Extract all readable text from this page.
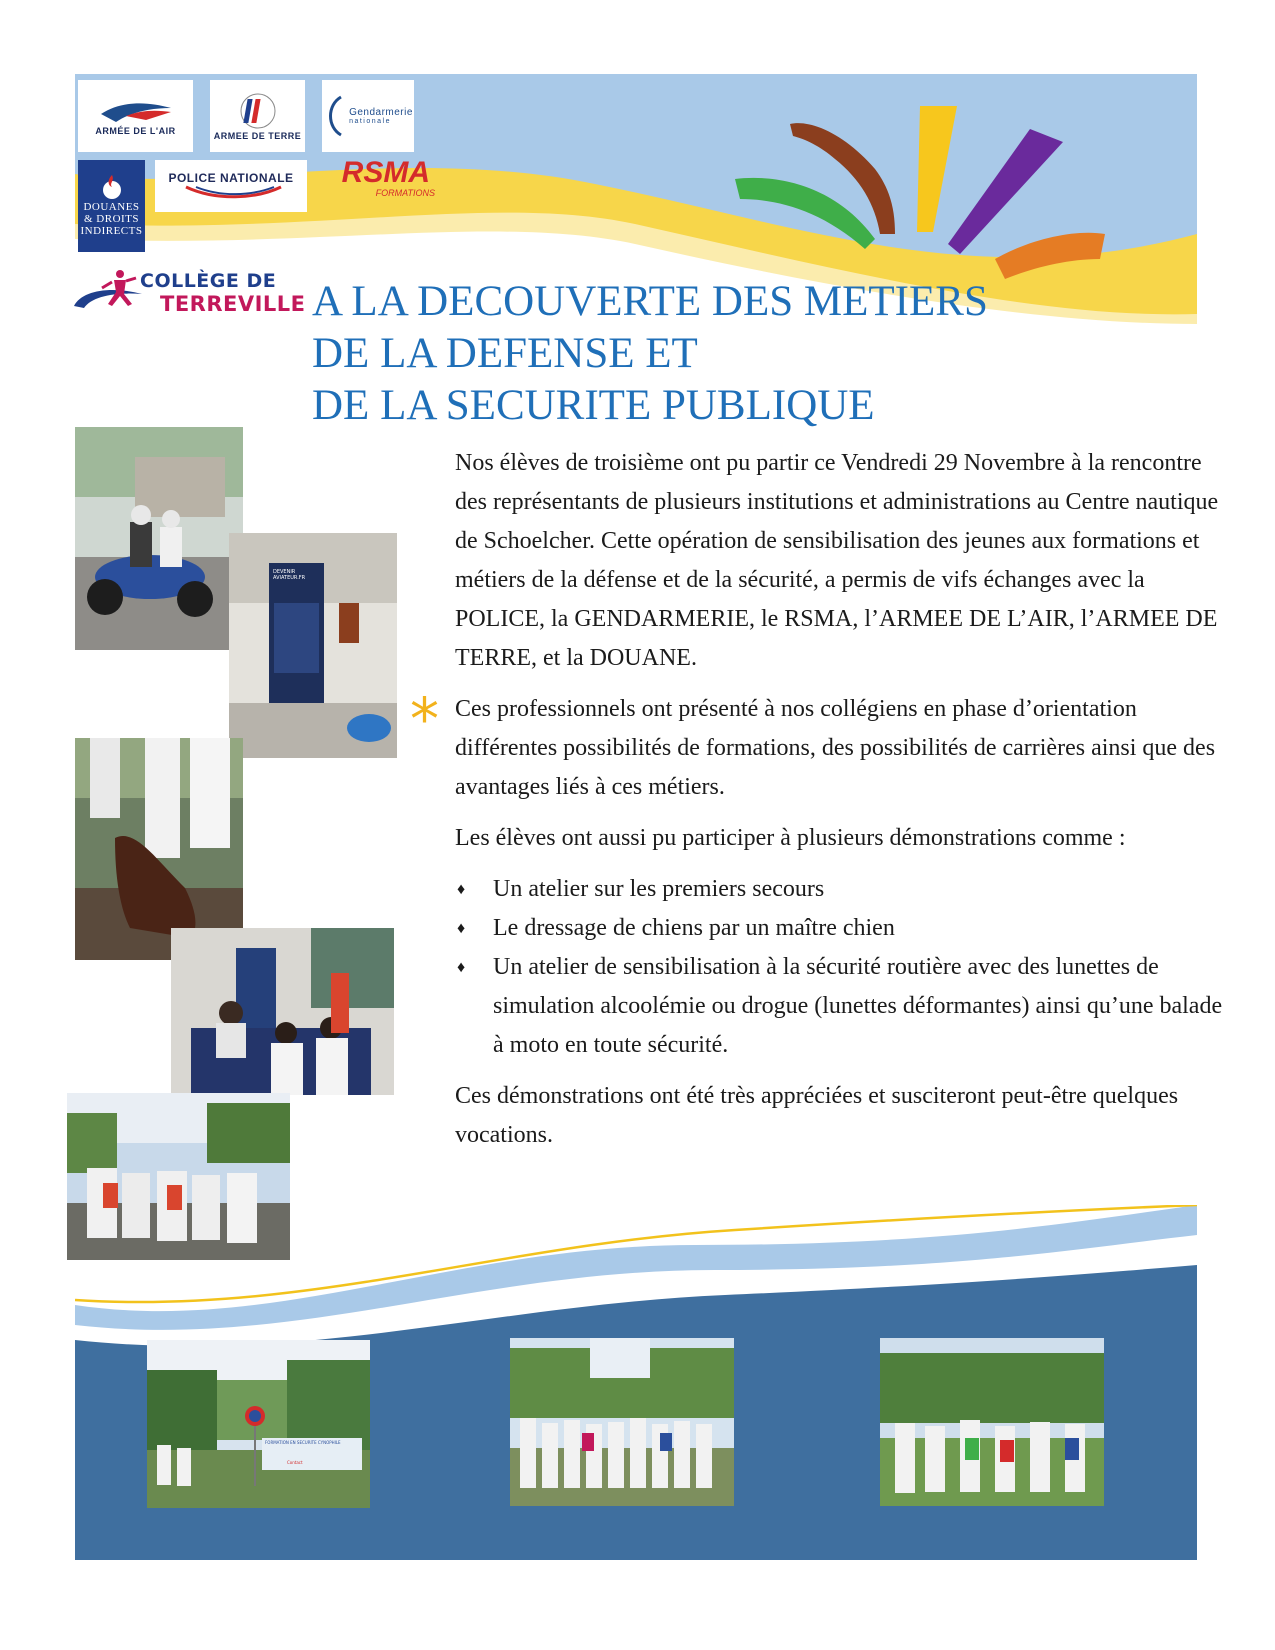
ARMÉE DE L'AIR	ARMEE DE TERRE
Gendarmerie
nationale
DOUANES
& DROITS
INDIRECTS
POLICE NATIONALE	RSMA
FORMATIONS
COLLÈGE DE
TERREVILLE A LA DECOUVERTE DES METIERS
DE LA DEFENSE ET
DE LA SECURITE PUBLIQUE
DEVENIR AVIATEUR.FR
*

Nos élèves de troisième ont pu partir ce Vendredi 29 Novembre à la rencontre des représentants de plusieurs institutions et administrations au Centre nautique de Schoelcher. Cette opération de sensibilisation des jeunes aux formations et métiers de la défense et de la sécurité, a permis de vifs échanges avec la POLICE, la GENDARMERIE, le RSMA, l’ARMEE DE L’AIR, l’ARMEE DE TERRE, et la DOUANE.

Ces professionnels ont présenté à nos collégiens en phase d’orientation différentes possibilités de formations, des possibilités de carrières ainsi que des avantages liés à ces métiers.

Les élèves ont aussi pu participer à plusieurs démonstrations comme :

♦ Un atelier sur les premiers secours
♦ Le dressage de chiens par un maître chien
♦ Un atelier de sensibilisation à la sécurité routière avec des lunettes de simulation alcoolémie ou drogue (lunettes déformantes) ainsi qu’une balade à moto en toute sécurité.

Ces démonstrations ont été très appréciées et susciteront peut-être quelques vocations.

FORMATION EN SECURITE CYNOPHILE
Contact
